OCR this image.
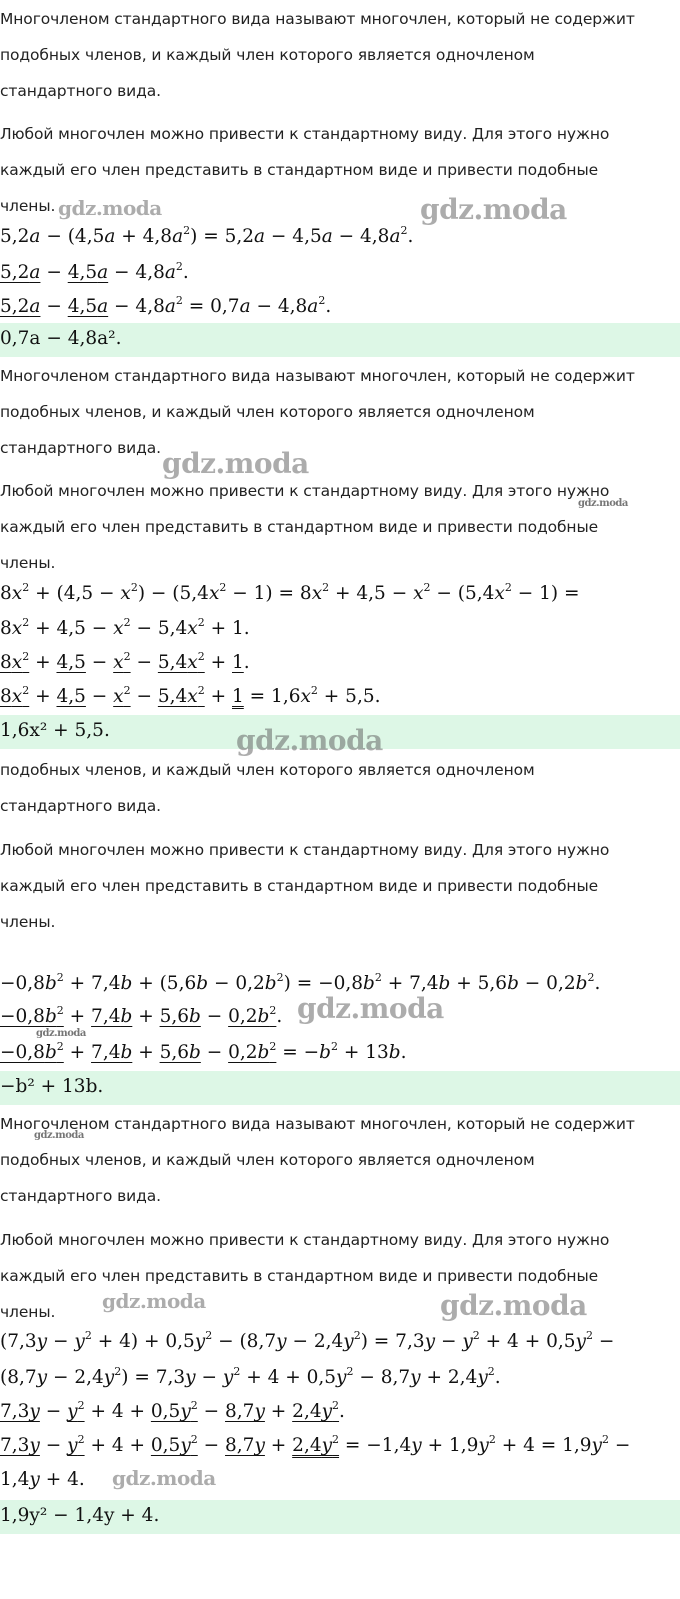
Многочленом стандартного вида называют многочлен, который не содержит

подобных членов, и каждый член которого является одночленом

стандартного вида.

Любой многочлен можно привести к стандартному виду. Для этого нужно

каждый его член представить в стандартном виде и привести подобные

члены. gdz.moda	gdz.moda

$5,2a - (4,5a + 4,8a^2) = 5,2a - 4,5a - 4,8a^2$.

$5,2a - 4,5a - 4,8a^2$.

$5,2a - 4,5a - 4,8a^2 = 0,7a - 4,8a^2$.

0,7a − 4,8a².

Многочленом стандартного вида называют многочлен, который не содержит

подобных членов, и каждый член которого является одночленом

стандартного вида. gdz.moda

Любой многочлен можно привести к стандартному виду. Для этого нужно

gdz.moda

каждый его член представить в стандартном виде и привести подобные

члены.

$8x^2 + (4,5 - x^2) - (5,4x^2 - 1) = 8x^2 + 4,5 - x^2 - (5,4x^2 - 1)$ =

$8x^2 + 4,5 - x^2 - 5,4x^2 + 1$.

$8x^2 + 4,5 - x^2 - 5,4x^2 + 1$.

$8x^2 + 4,5 - x^2 - 5,4x^2 + 1 = 1,6x^2 + 5,5$.

1,6x² + 5,5.	gdz.moda

подобных членов, и каждый член которого является одночленом

стандартного вида.

Любой многочлен можно привести к стандартному виду. Для этого нужно

каждый его член представить в стандартном виде и привести подобные

члены.

$-0,8b^2 + 7,4b + (5,6b - 0,2b^2) = -0,8b^2 + 7,4b + 5,6b - 0,2b^2$.

$-0,8b^2 + 7,4b + 5,6b - 0,2b^2$. gdz.moda

gdz.moda

$-0,8b^2 + 7,4b + 5,6b - 0,2b^2 = -b^2 + 13b$.

−b² + 13b.

Многочленом стандартного вида называют многочлен, который не содержит

gdz.moda

подобных членов, и каждый член которого является одночленом

стандартного вида.

Любой многочлен можно привести к стандартному виду. Для этого нужно

каждый его член представить в стандартном виде и привести подобные

члены. gdz.moda	gdz.moda

$(7,3y - y^2 + 4) + 0,5y^2 - (8,7y - 2,4y^2) = 7,3y - y^2 + 4 + 0,5y^2$ −

$(8,7y - 2,4y^2) = 7,3y - y^2 + 4 + 0,5y^2 - 8,7y + 2,4y^2$.

$7,3y - y^2 + 4 + 0,5y^2 - 8,7y + 2,4y^2$.

$7,3y - y^2 + 4 + 0,5y^2 - 8,7y + 2,4y^2 = -1,4y + 1,9y^2 + 4 = 1,9y^2$ −

1,4y + 4. gdz.moda

1,9y² − 1,4y + 4.
